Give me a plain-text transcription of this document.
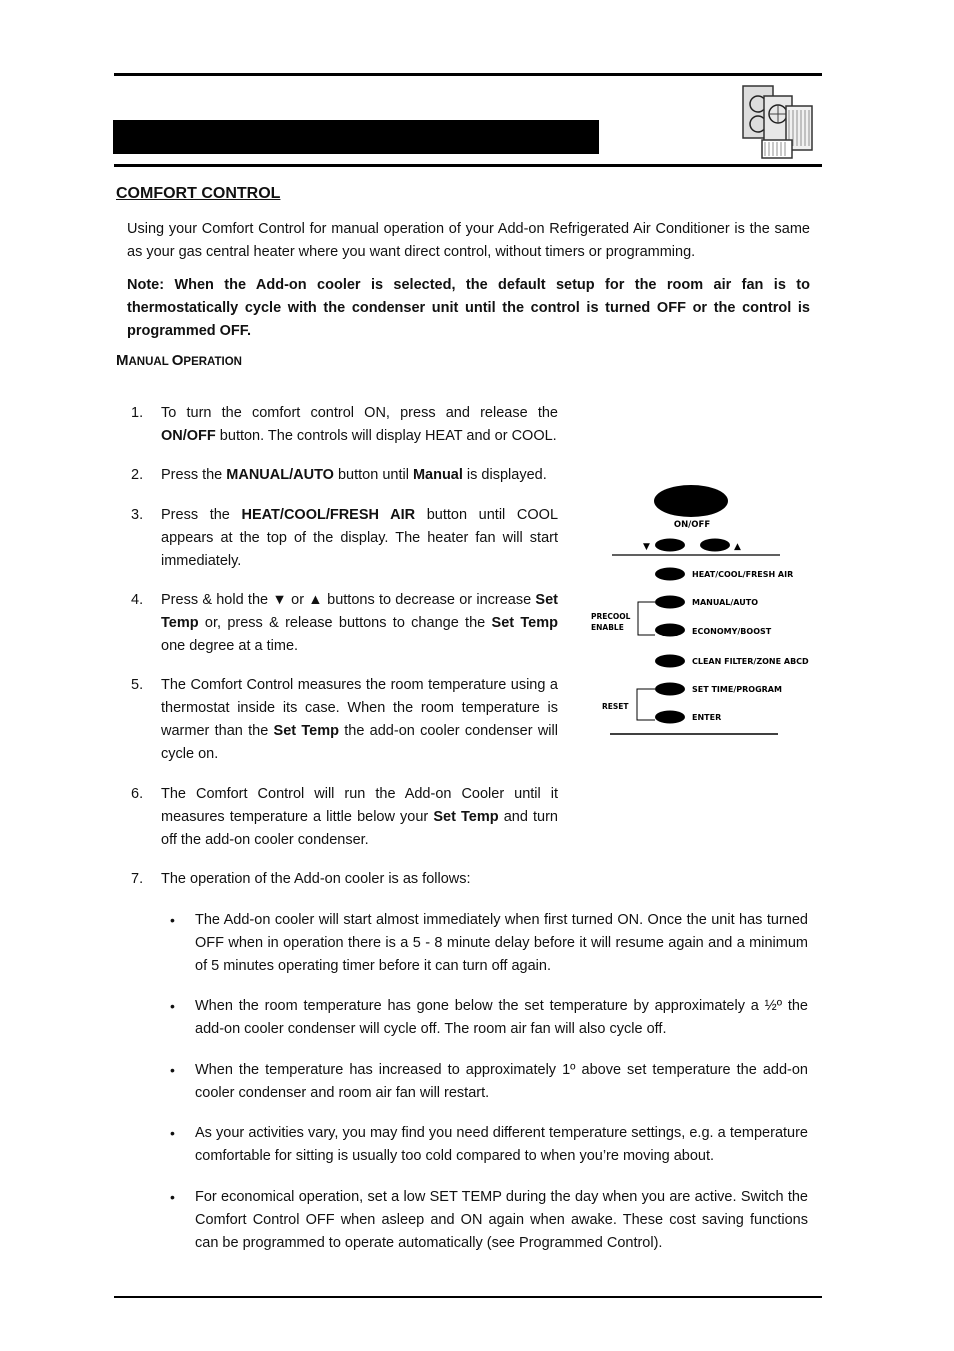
COMFORT CONTROL
Using your Comfort Control for manual operation of your Add-on Refrigerated Air Conditioner is the same as your gas central heater where you want direct control, without timers or programming.
Note: When the Add-on cooler is selected, the default setup for the room air fan is to thermostatically cycle with the condenser unit until the control is turned OFF or the control is programmed OFF.
MANUAL OPERATION
1. To turn the comfort control ON, press and release the ON/OFF button. The controls will display HEAT and or COOL.
2. Press the MANUAL/AUTO button until Manual is displayed.
3. Press the HEAT/COOL/FRESH AIR button until COOL appears at the top of the display. The heater fan will start immediately.
4. Press & hold the ▼ or ▲ buttons to decrease or increase Set Temp or, press & release buttons to change the Set Temp one degree at a time.
5. The Comfort Control measures the room temperature using a thermostat inside its case. When the room temperature is warmer than the Set Temp the add-on cooler condenser will cycle on.
6. The Comfort Control will run the Add-on Cooler until it measures temperature a little below your Set Temp and turn off the add-on cooler condenser.
7. The operation of the Add-on cooler is as follows:
• The Add-on cooler will start almost immediately when first turned ON. Once the unit has turned OFF when in operation there is a 5 - 8 minute delay before it will resume again and a minimum of 5 minutes operating timer before it can turn off again.
• When the room temperature has gone below the set temperature by approximately a ½º the add-on cooler condenser will cycle off. The room air fan will also cycle off.
• When the temperature has increased to approximately 1º above set temperature the add-on cooler condenser and room air fan will restart.
• As your activities vary, you may find you need different temperature settings, e.g. a temperature comfortable for sitting is usually too cold compared to when you’re moving about.
• For economical operation, set a low SET TEMP during the day when you are active. Switch the Comfort Control OFF when asleep and ON again when awake. These cost saving functions can be programmed to operate automatically (see Programmed Control).
ON/OFF
▼	▲
HEAT/COOL/FRESH AIR
MANUAL/AUTO
ECONOMY/BOOST
PRECOOL
ENABLE
CLEAN FILTER/ZONE ABCD
SET TIME/PROGRAM
ENTER
RESET
